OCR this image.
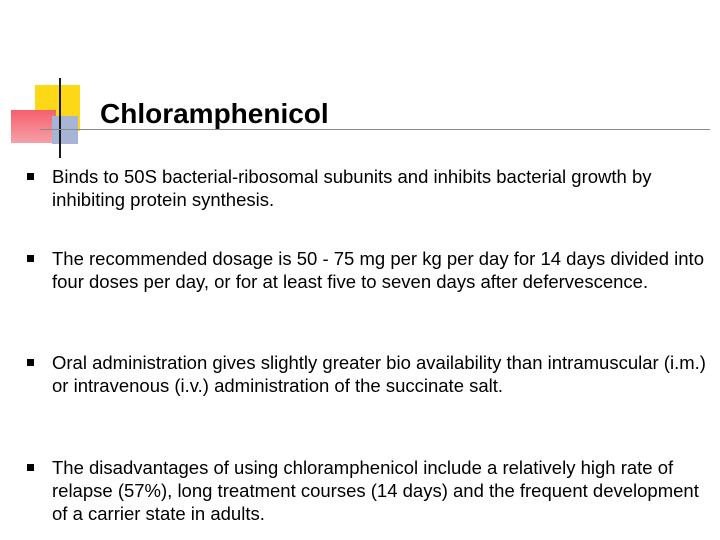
Chloramphenicol
Binds to 50S bacterial-ribosomal subunits and inhibits bacterial growth by inhibiting protein synthesis.
The recommended dosage is 50 - 75 mg per kg per day for 14 days divided into four doses per day, or for at least five to seven days after defervescence.
Oral administration gives slightly greater bio availability than intramuscular (i.m.) or intravenous (i.v.) administration of the succinate salt.
The disadvantages of using chloramphenicol include a relatively high rate of relapse (57%), long treatment courses (14 days) and the frequent development of a carrier state in adults.
